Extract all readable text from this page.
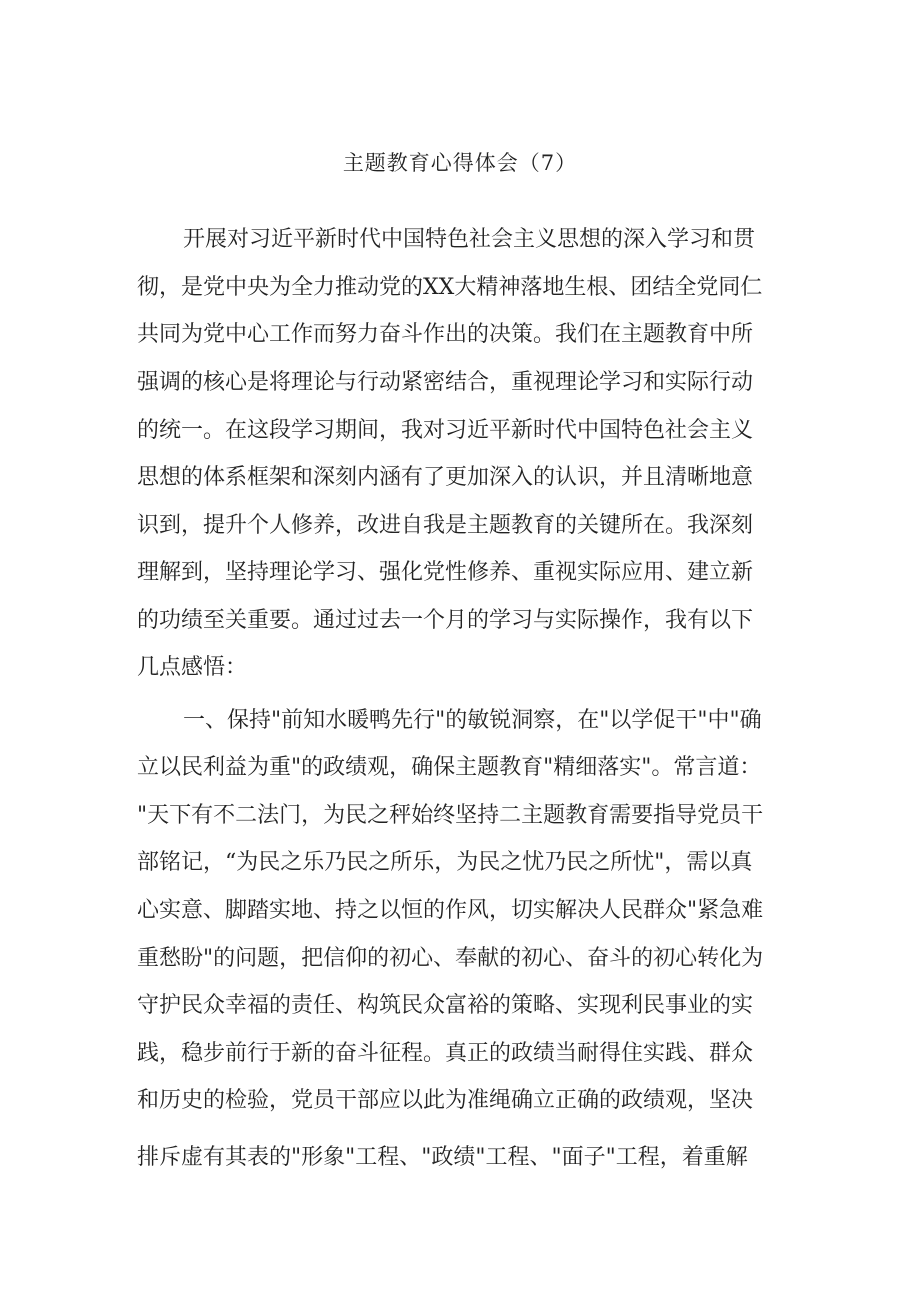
主题教育心得体会（7）
开展对习近平新时代中国特色社会主义思想的深入学习和贯
彻，是党中央为全力推动党的XX大精神落地生根、团结全党同仁
共同为党中心工作而努力奋斗作出的决策。我们在主题教育中所
强调的核心是将理论与行动紧密结合，重视理论学习和实际行动
的统一。在这段学习期间，我对习近平新时代中国特色社会主义
思想的体系框架和深刻内涵有了更加深入的认识，并且清晰地意
识到，提升个人修养，改进自我是主题教育的关键所在。我深刻
理解到，坚持理论学习、强化党性修养、重视实际应用、建立新
的功绩至关重要。通过过去一个月的学习与实际操作，我有以下
几点感悟：
一、保持"前知水暖鸭先行"的敏锐洞察，在"以学促干"中"确
立以民利益为重"的政绩观，确保主题教育"精细落实"。常言道：
"天下有不二法门，为民之秤始终坚持二主题教育需要指导党员干
部铭记，“为民之乐乃民之所乐，为民之忧乃民之所忧"，需以真
心实意、脚踏实地、持之以恒的作风，切实解决人民群众"紧急难
重愁盼"的问题，把信仰的初心、奉献的初心、奋斗的初心转化为
守护民众幸福的责任、构筑民众富裕的策略、实现利民事业的实
践，稳步前行于新的奋斗征程。真正的政绩当耐得住实践、群众
和历史的检验，党员干部应以此为准绳确立正确的政绩观，坚决
排斥虚有其表的"形象"工程、"政绩"工程、"面子"工程，着重解
